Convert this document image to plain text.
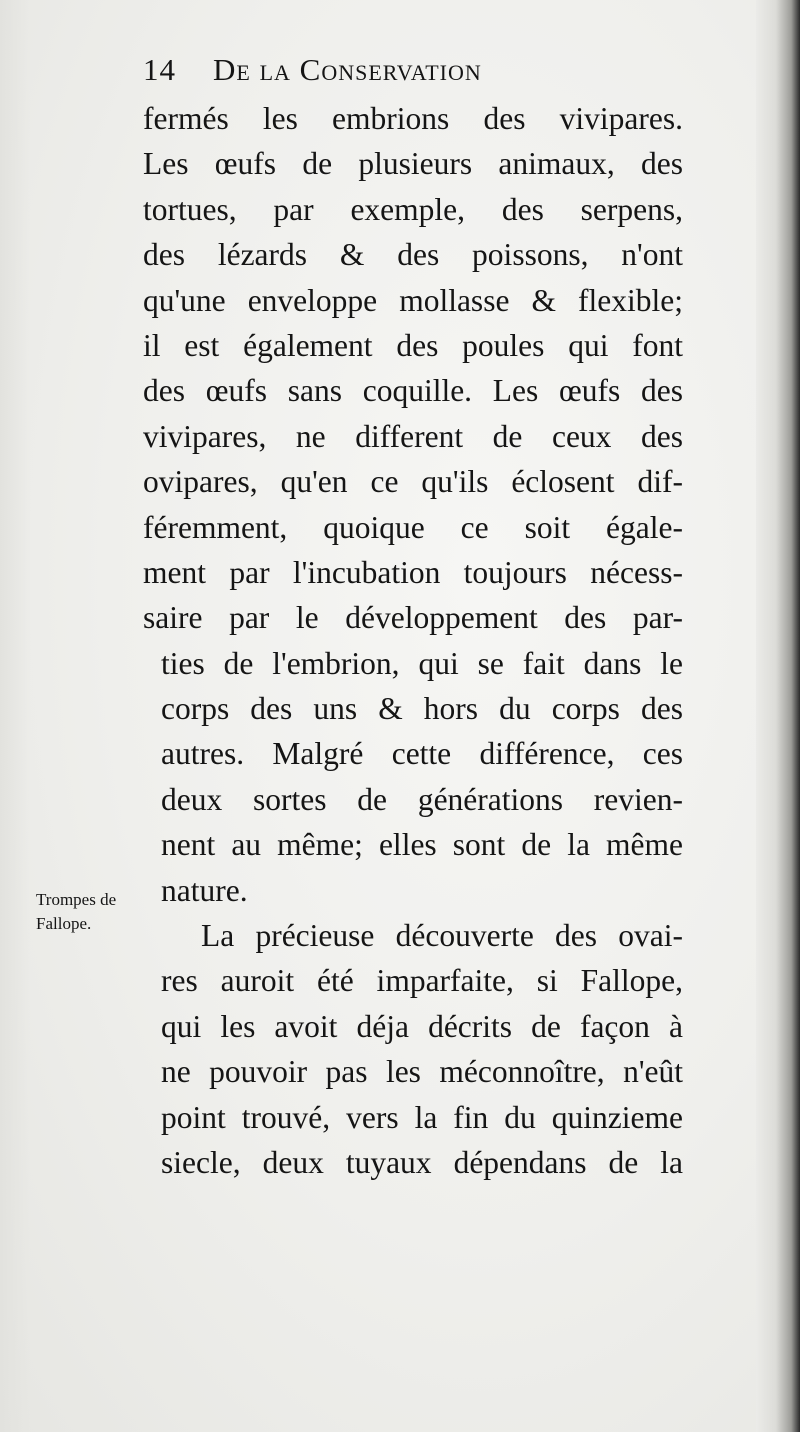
14 De la Conservation
Trompes de
Fallope.
fermés les embrions des vivipares.
Les œufs de plusieurs animaux, des
tortues, par exemple, des serpens,
des lézards & des poissons, n'ont
qu'une enveloppe mollasse & flexible;
il est également des poules qui font
des œufs sans coquille. Les œufs des
vivipares, ne different de ceux des
ovipares, qu'en ce qu'ils éclosent dif-
féremment, quoique ce soit égale-
ment par l'incubation toujours nécess-
saire par le développement des par-
ties de l'embrion, qui se fait dans le
corps des uns & hors du corps des
autres. Malgré cette différence, ces
deux sortes de générations revien-
nent au même; elles sont de la même
nature.
La précieuse découverte des ovai-
res auroit été imparfaite, si Fallope,
qui les avoit déja décrits de façon à
ne pouvoir pas les méconnoître, n'eût
point trouvé, vers la fin du quinzieme
siecle, deux tuyaux dépendans de la
